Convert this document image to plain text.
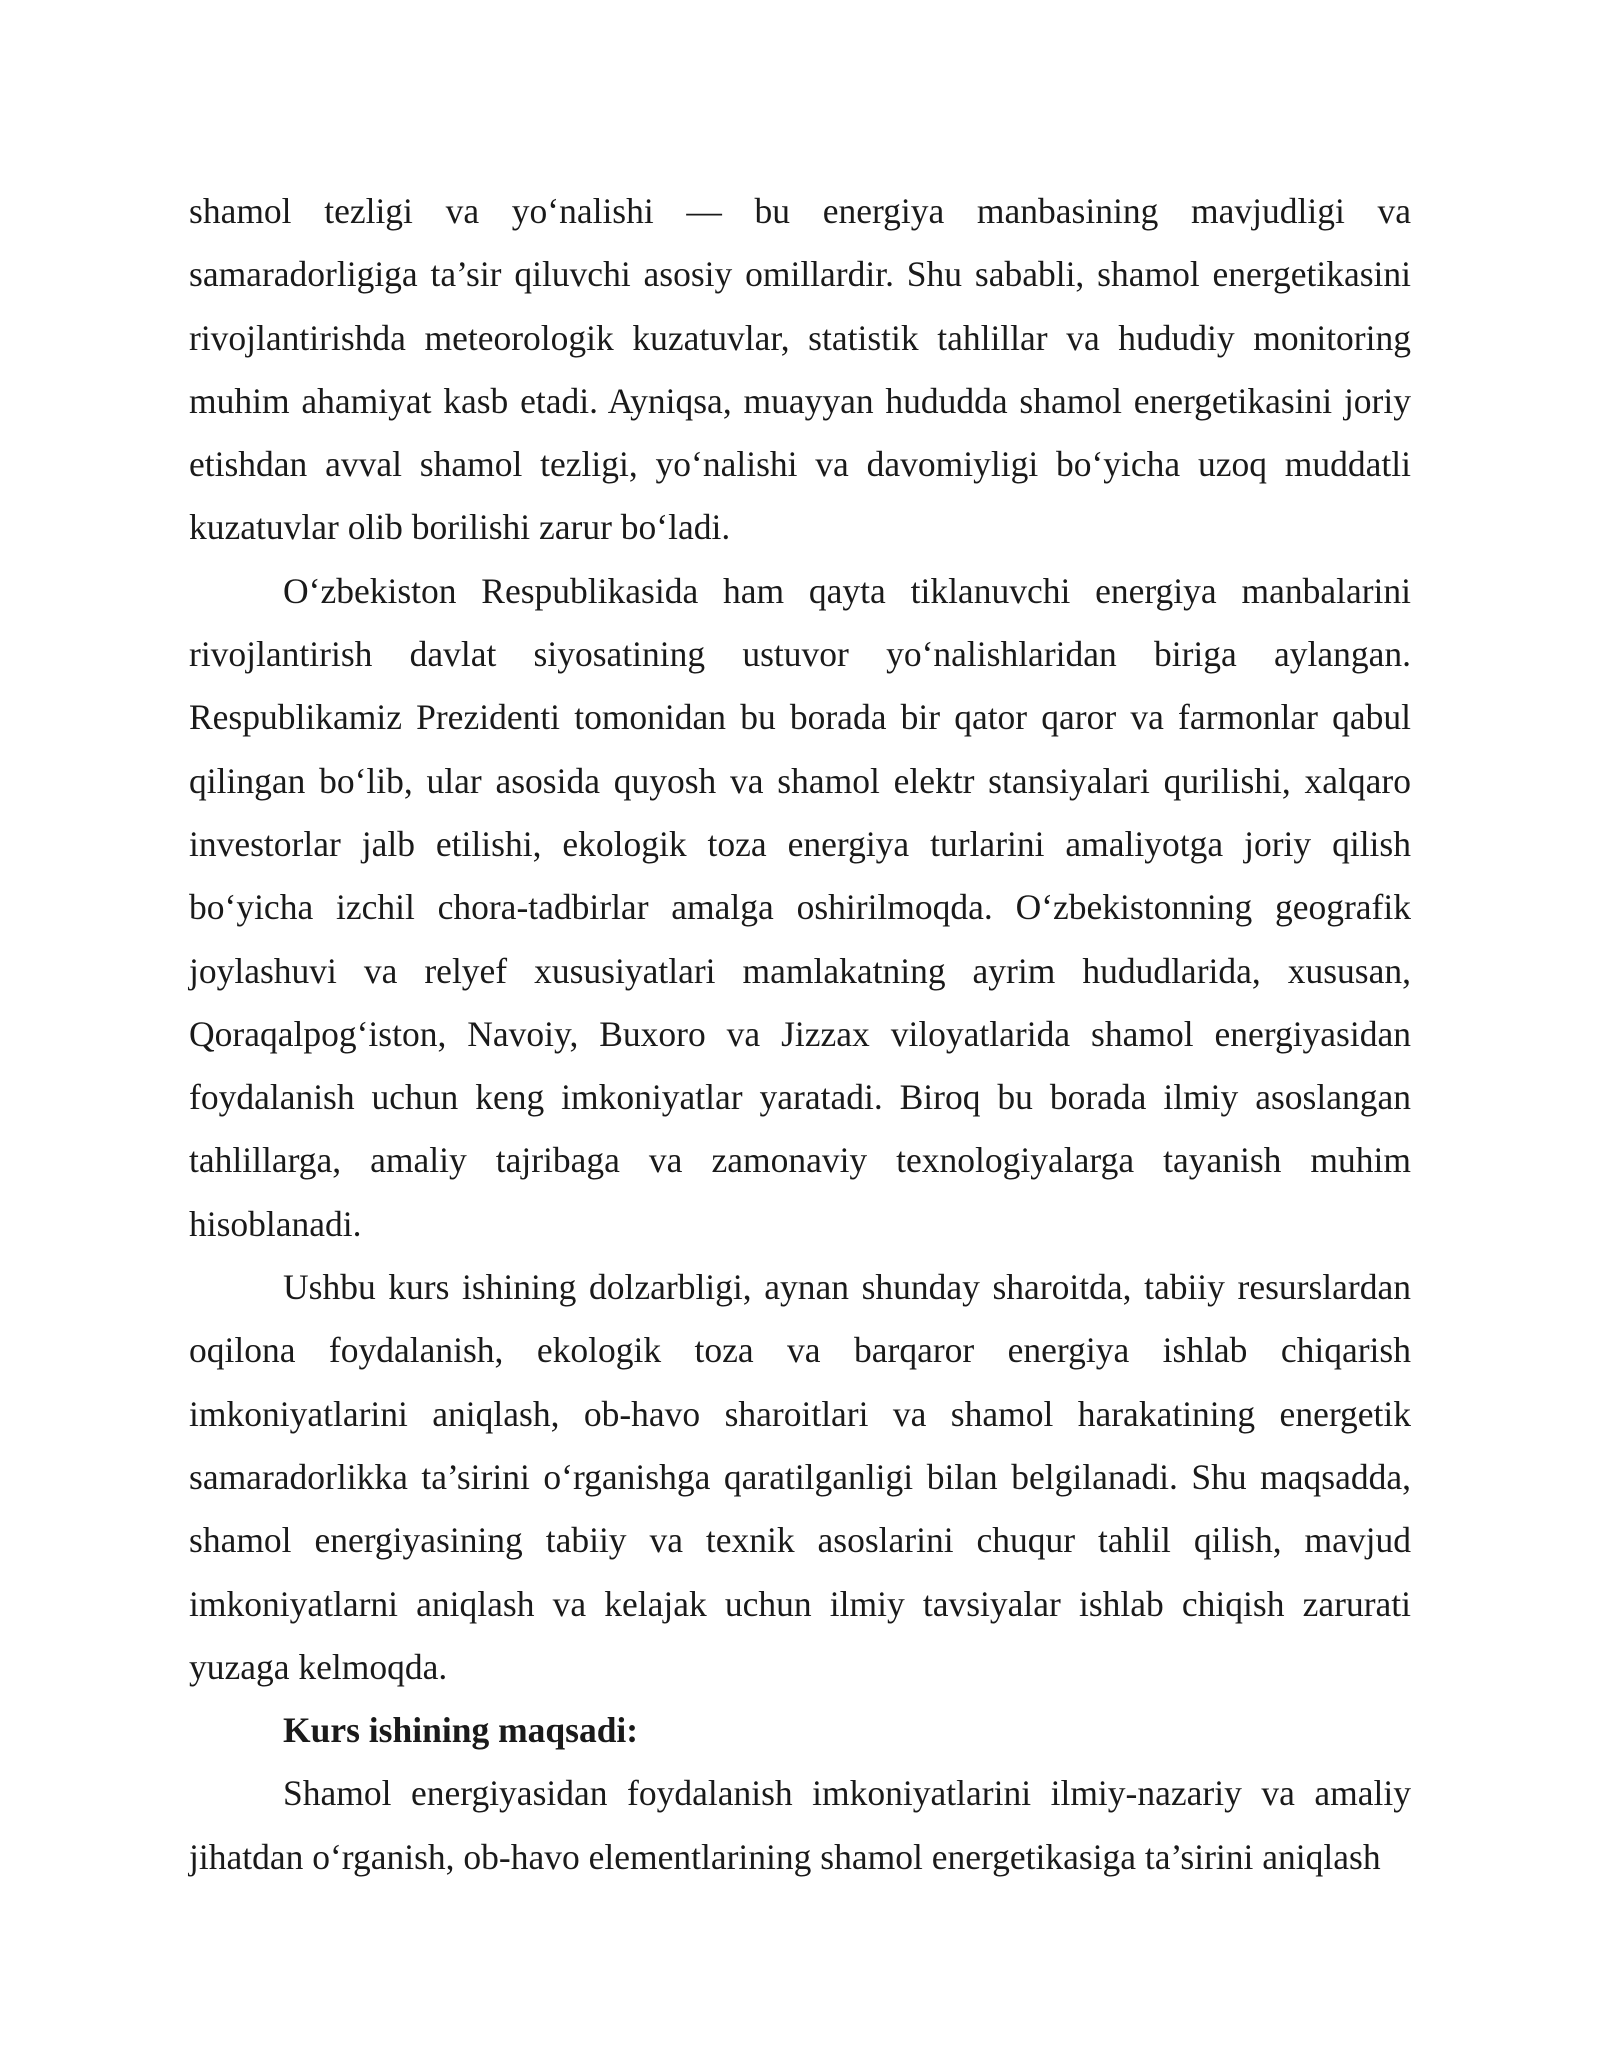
shamol tezligi va yo‘nalishi — bu energiya manbasining mavjudligi va samaradorligiga ta’sir qiluvchi asosiy omillardir. Shu sababli, shamol energetikasini rivojlantirishda meteorologik kuzatuvlar, statistik tahlillar va hududiy monitoring muhim ahamiyat kasb etadi. Ayniqsa, muayyan hududda shamol energetikasini joriy etishdan avval shamol tezligi, yo‘nalishi va davomiyligi bo‘yicha uzoq muddatli kuzatuvlar olib borilishi zarur bo‘ladi.

O‘zbekiston Respublikasida ham qayta tiklanuvchi energiya manbalarini rivojlantirish davlat siyosatining ustuvor yo‘nalishlaridan biriga aylangan. Respublikamiz Prezidenti tomonidan bu borada bir qator qaror va farmonlar qabul qilingan bo‘lib, ular asosida quyosh va shamol elektr stansiyalari qurilishi, xalqaro investorlar jalb etilishi, ekologik toza energiya turlarini amaliyotga joriy qilish bo‘yicha izchil chora-tadbirlar amalga oshirilmoqda. O‘zbekistonning geografik joylashuvi va relyef xususiyatlari mamlakatning ayrim hududlarida, xususan, Qoraqalpog‘iston, Navoiy, Buxoro va Jizzax viloyatlarida shamol energiyasidan foydalanish uchun keng imkoniyatlar yaratadi. Biroq bu borada ilmiy asoslangan tahlillarga, amaliy tajribaga va zamonaviy texnologiyalarga tayanish muhim hisoblanadi.

Ushbu kurs ishining dolzarbligi, aynan shunday sharoitda, tabiiy resurslardan oqilona foydalanish, ekologik toza va barqaror energiya ishlab chiqarish imkoniyatlarini aniqlash, ob-havo sharoitlari va shamol harakatining energetik samaradorlikka ta’sirini o‘rganishga qaratilganligi bilan belgilanadi. Shu maqsadda, shamol energiyasining tabiiy va texnik asoslarini chuqur tahlil qilish, mavjud imkoniyatlarni aniqlash va kelajak uchun ilmiy tavsiyalar ishlab chiqish zarurati yuzaga kelmoqda.

Kurs ishining maqsadi:

Shamol energiyasidan foydalanish imkoniyatlarini ilmiy-nazariy va amaliy jihatdan o‘rganish, ob-havo elementlarining shamol energetikasiga ta’sirini aniqlash
